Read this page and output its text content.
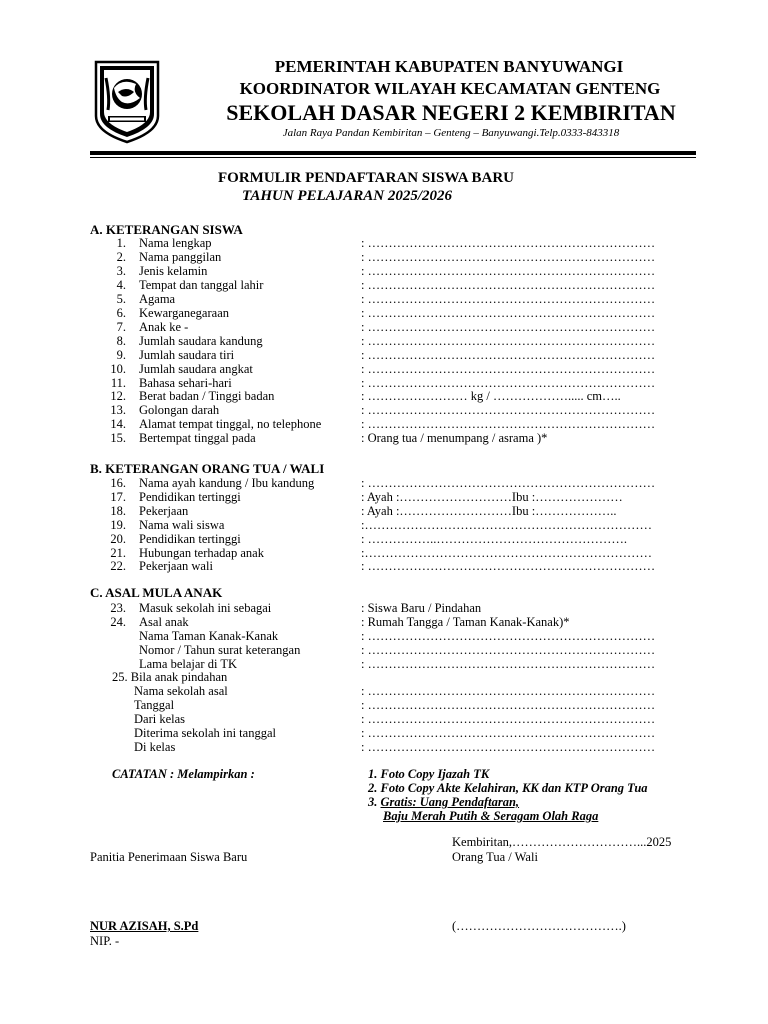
PEMERINTAH KABUPATEN BANYUWANGI
KOORDINATOR WILAYAH KECAMATAN GENTENG
SEKOLAH DASAR NEGERI 2 KEMBIRITAN
Jalan Raya Pandan Kembiritan – Genteng – Banyuwangi.Telp.0333-843318
FORMULIR PENDAFTARAN SISWA BARU
TAHUN PELAJARAN 2025/2026
A. KETERANGAN SISWA
1. Nama lengkap	: ……………………………………………………………
2. Nama panggilan	: ……………………………………………………………
3. Jenis kelamin	: ……………………………………………………………
4. Tempat dan tanggal lahir	: ……………………………………………………………
5. Agama	: ……………………………………………………………
6. Kewarganegaraan	: ……………………………………………………………
7. Anak ke -	: ……………………………………………………………
8. Jumlah saudara kandung	: ……………………………………………………………
9. Jumlah saudara tiri	: ……………………………………………………………
10. Jumlah saudara angkat	: ……………………………………………………………
11. Bahasa sehari-hari	: ……………………………………………………………
12. Berat badan / Tinggi badan	: …………………… kg / ………………..... cm…..
13. Golongan darah	: ……………………………………………………………
14. Alamat tempat tinggal, no telephone	: ……………………………………………………………
15. Bertempat tinggal pada	: Orang tua / menumpang / asrama )*
B. KETERANGAN ORANG TUA / WALI
16. Nama ayah kandung / Ibu kandung	: ……………………………………………………………
17. Pendidikan tertinggi	: Ayah :………………………Ibu :…………………
18. Pekerjaan	: Ayah :………………………Ibu :………………..
19. Nama wali siswa	:……………………………………………………………
20. Pendidikan tertinggi	: ……………..……………………………………….
21. Hubungan terhadap anak	:……………………………………………………………
22. Pekerjaan wali	: ……………………………………………………………
C. ASAL MULA ANAK
23. Masuk sekolah ini sebagai	: Siswa Baru / Pindahan
24. Asal anak	: Rumah Tangga / Taman Kanak-Kanak)*
Nama Taman Kanak-Kanak	: ……………………………………………………………
Nomor / Tahun surat keterangan	: ……………………………………………………………
Lama belajar di TK	: ……………………………………………………………
25. Bila anak pindahan
Nama sekolah asal	: ……………………………………………………………
Tanggal	: ……………………………………………………………
Dari kelas	: ……………………………………………………………
Diterima sekolah ini tanggal	: ……………………………………………………………
Di kelas	: ……………………………………………………………
CATATAN : Melampirkan :	1. Foto Copy Ijazah TK
2. Foto Copy Akte Kelahiran, KK dan KTP Orang Tua
3. Gratis: Uang Pendaftaran,
Baju Merah Putih & Seragam Olah Raga
Kembiritan,…………………………...2025
Panitia Penerimaan Siswa Baru	Orang Tua / Wali
NUR AZISAH, S.Pd
NIP. -
(………………………………….)
